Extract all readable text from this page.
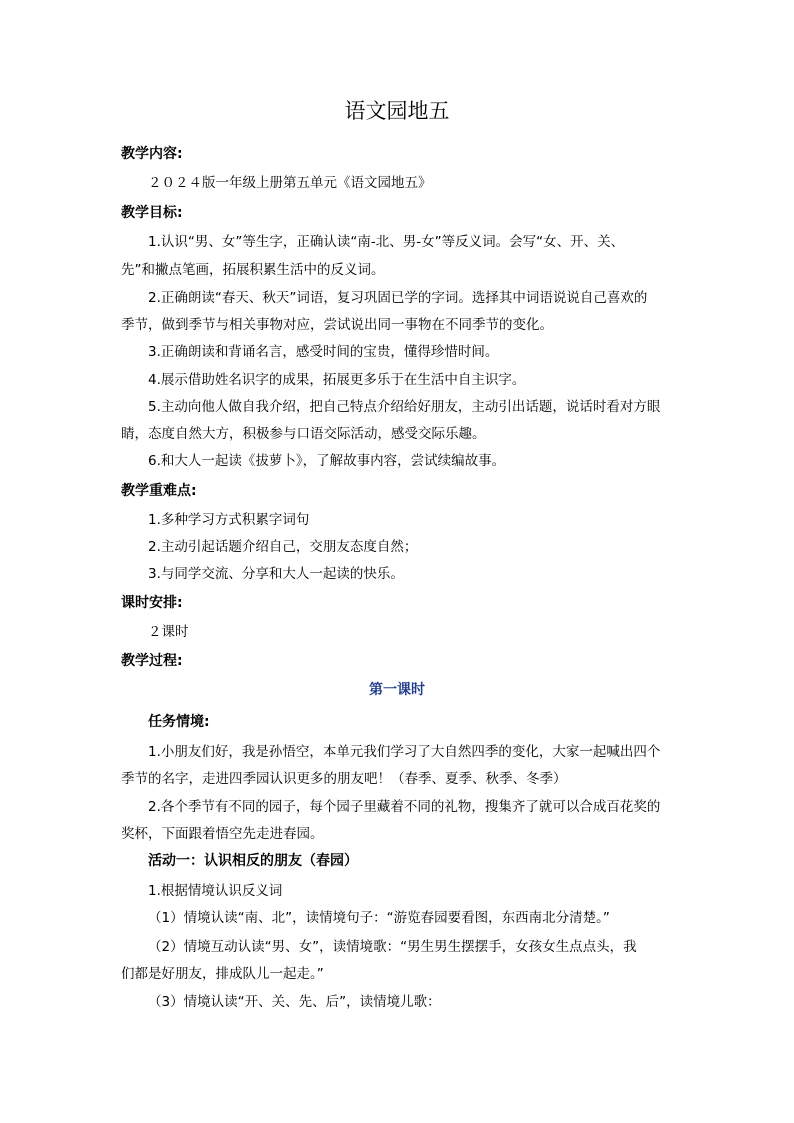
语文园地五
教学内容:
２０２４版一年级上册第五单元《语文园地五》
教学目标:
1.认识“男、女”等生字，正确认读“南-北、男-女”等反义词。会写“女、开、关、
先”和撇点笔画，拓展积累生活中的反义词。
2.正确朗读“春天、秋天”词语，复习巩固已学的字词。选择其中词语说说自己喜欢的
季节，做到季节与相关事物对应，尝试说出同一事物在不同季节的变化。
3.正确朗读和背诵名言，感受时间的宝贵，懂得珍惜时间。
4.展示借助姓名识字的成果，拓展更多乐于在生活中自主识字。
5.主动向他人做自我介绍，把自己特点介绍给好朋友，主动引出话题，说话时看对方眼
睛，态度自然大方，积极参与口语交际活动，感受交际乐趣。
6.和大人一起读《拔萝卜》，了解故事内容，尝试续编故事。
教学重难点:
1.多种学习方式积累字词句
2.主动引起话题介绍自己，交朋友态度自然；
3.与同学交流、分享和大人一起读的快乐。
课时安排:
２课时
教学过程:
第一课时
任务情境:
1.小朋友们好，我是孙悟空，本单元我们学习了大自然四季的变化，大家一起喊出四个
季节的名字，走进四季园认识更多的朋友吧！（春季、夏季、秋季、冬季）
2.各个季节有不同的园子，每个园子里藏着不同的礼物，搜集齐了就可以合成百花奖的
奖杯，下面跟着悟空先走进春园。
活动一：认识相反的朋友（春园）
1.根据情境认识反义词
（1）情境认读“南、北”，读情境句子：“游览春园要看图，东西南北分清楚。”
（2）情境互动认读“男、女”，读情境歌：“男生男生摆摆手，女孩女生点点头，我
们都是好朋友，排成队儿一起走。”
（3）情境认读“开、关、先、后”，读情境儿歌：
